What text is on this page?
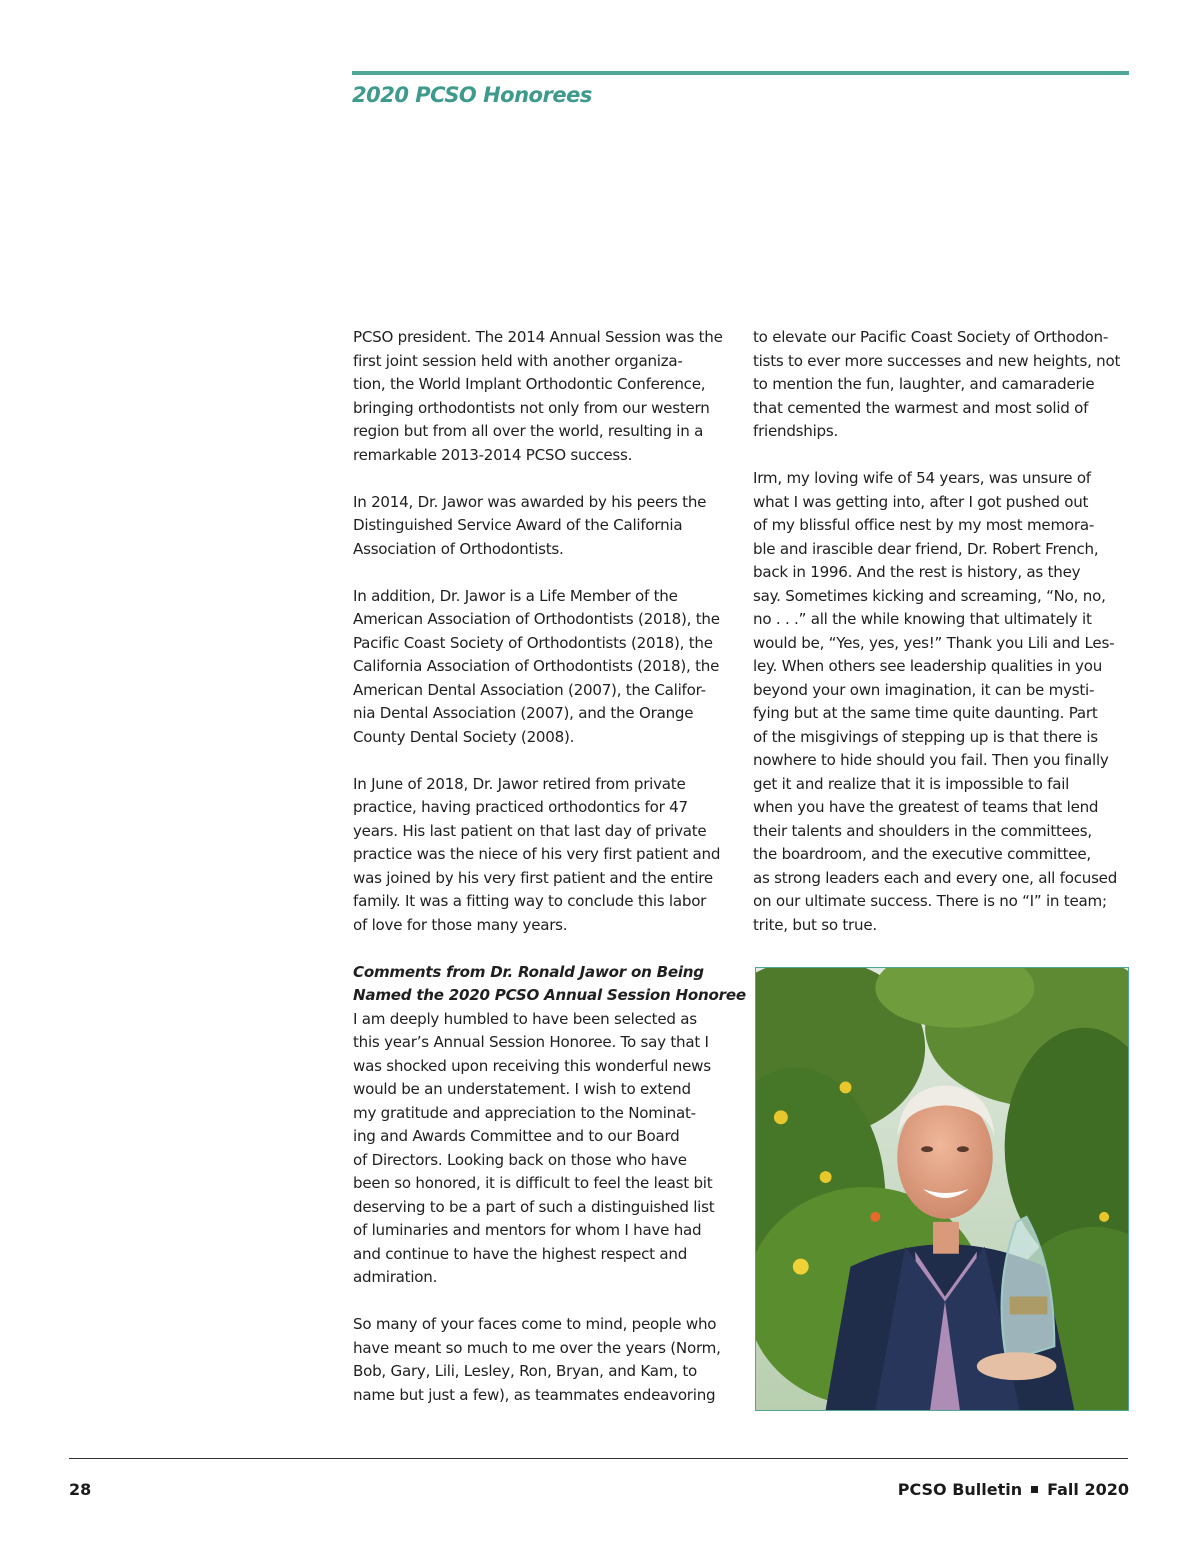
2020 PCSO Honorees
PCSO president. The 2014 Annual Session was the
first joint session held with another organiza-
tion, the World Implant Orthodontic Conference,
bringing orthodontists not only from our western
region but from all over the world, resulting in a
remarkable 2013-2014 PCSO success.
In 2014, Dr. Jawor was awarded by his peers the
Distinguished Service Award of the California
Association of Orthodontists.
In addition, Dr. Jawor is a Life Member of the
American Association of Orthodontists (2018), the
Pacific Coast Society of Orthodontists (2018), the
California Association of Orthodontists (2018), the
American Dental Association (2007), the Califor-
nia Dental Association (2007), and the Orange
County Dental Society (2008).
In June of 2018, Dr. Jawor retired from private
practice, having practiced orthodontics for 47
years. His last patient on that last day of private
practice was the niece of his very first patient and
was joined by his very first patient and the entire
family. It was a fitting way to conclude this labor
of love for those many years.
Comments from Dr. Ronald Jawor on Being
Named the 2020 PCSO Annual Session Honoree
I am deeply humbled to have been selected as
this year’s Annual Session Honoree. To say that I
was shocked upon receiving this wonderful news
would be an understatement. I wish to extend
my gratitude and appreciation to the Nominat-
ing and Awards Committee and to our Board
of Directors. Looking back on those who have
been so honored, it is difficult to feel the least bit
deserving to be a part of such a distinguished list
of luminaries and mentors for whom I have had
and continue to have the highest respect and
admiration.
So many of your faces come to mind, people who
have meant so much to me over the years (Norm,
Bob, Gary, Lili, Lesley, Ron, Bryan, and Kam, to
name but just a few), as teammates endeavoring
to elevate our Pacific Coast Society of Orthodon-
tists to ever more successes and new heights, not
to mention the fun, laughter, and camaraderie
that cemented the warmest and most solid of
friendships.
Irm, my loving wife of 54 years, was unsure of
what I was getting into, after I got pushed out
of my blissful office nest by my most memora-
ble and irascible dear friend, Dr. Robert French,
back in 1996. And the rest is history, as they
say. Sometimes kicking and screaming, “No, no,
no . . .” all the while knowing that ultimately it
would be, “Yes, yes, yes!” Thank you Lili and Les-
ley. When others see leadership qualities in you
beyond your own imagination, it can be mysti-
fying but at the same time quite daunting. Part
of the misgivings of stepping up is that there is
nowhere to hide should you fail. Then you finally
get it and realize that it is impossible to fail
when you have the greatest of teams that lend
their talents and shoulders in the committees,
the boardroom, and the executive committee,
as strong leaders each and every one, all focused
on our ultimate success. There is no “I” in team;
trite, but so true.
28	PCSO Bulletin Fall 2020
